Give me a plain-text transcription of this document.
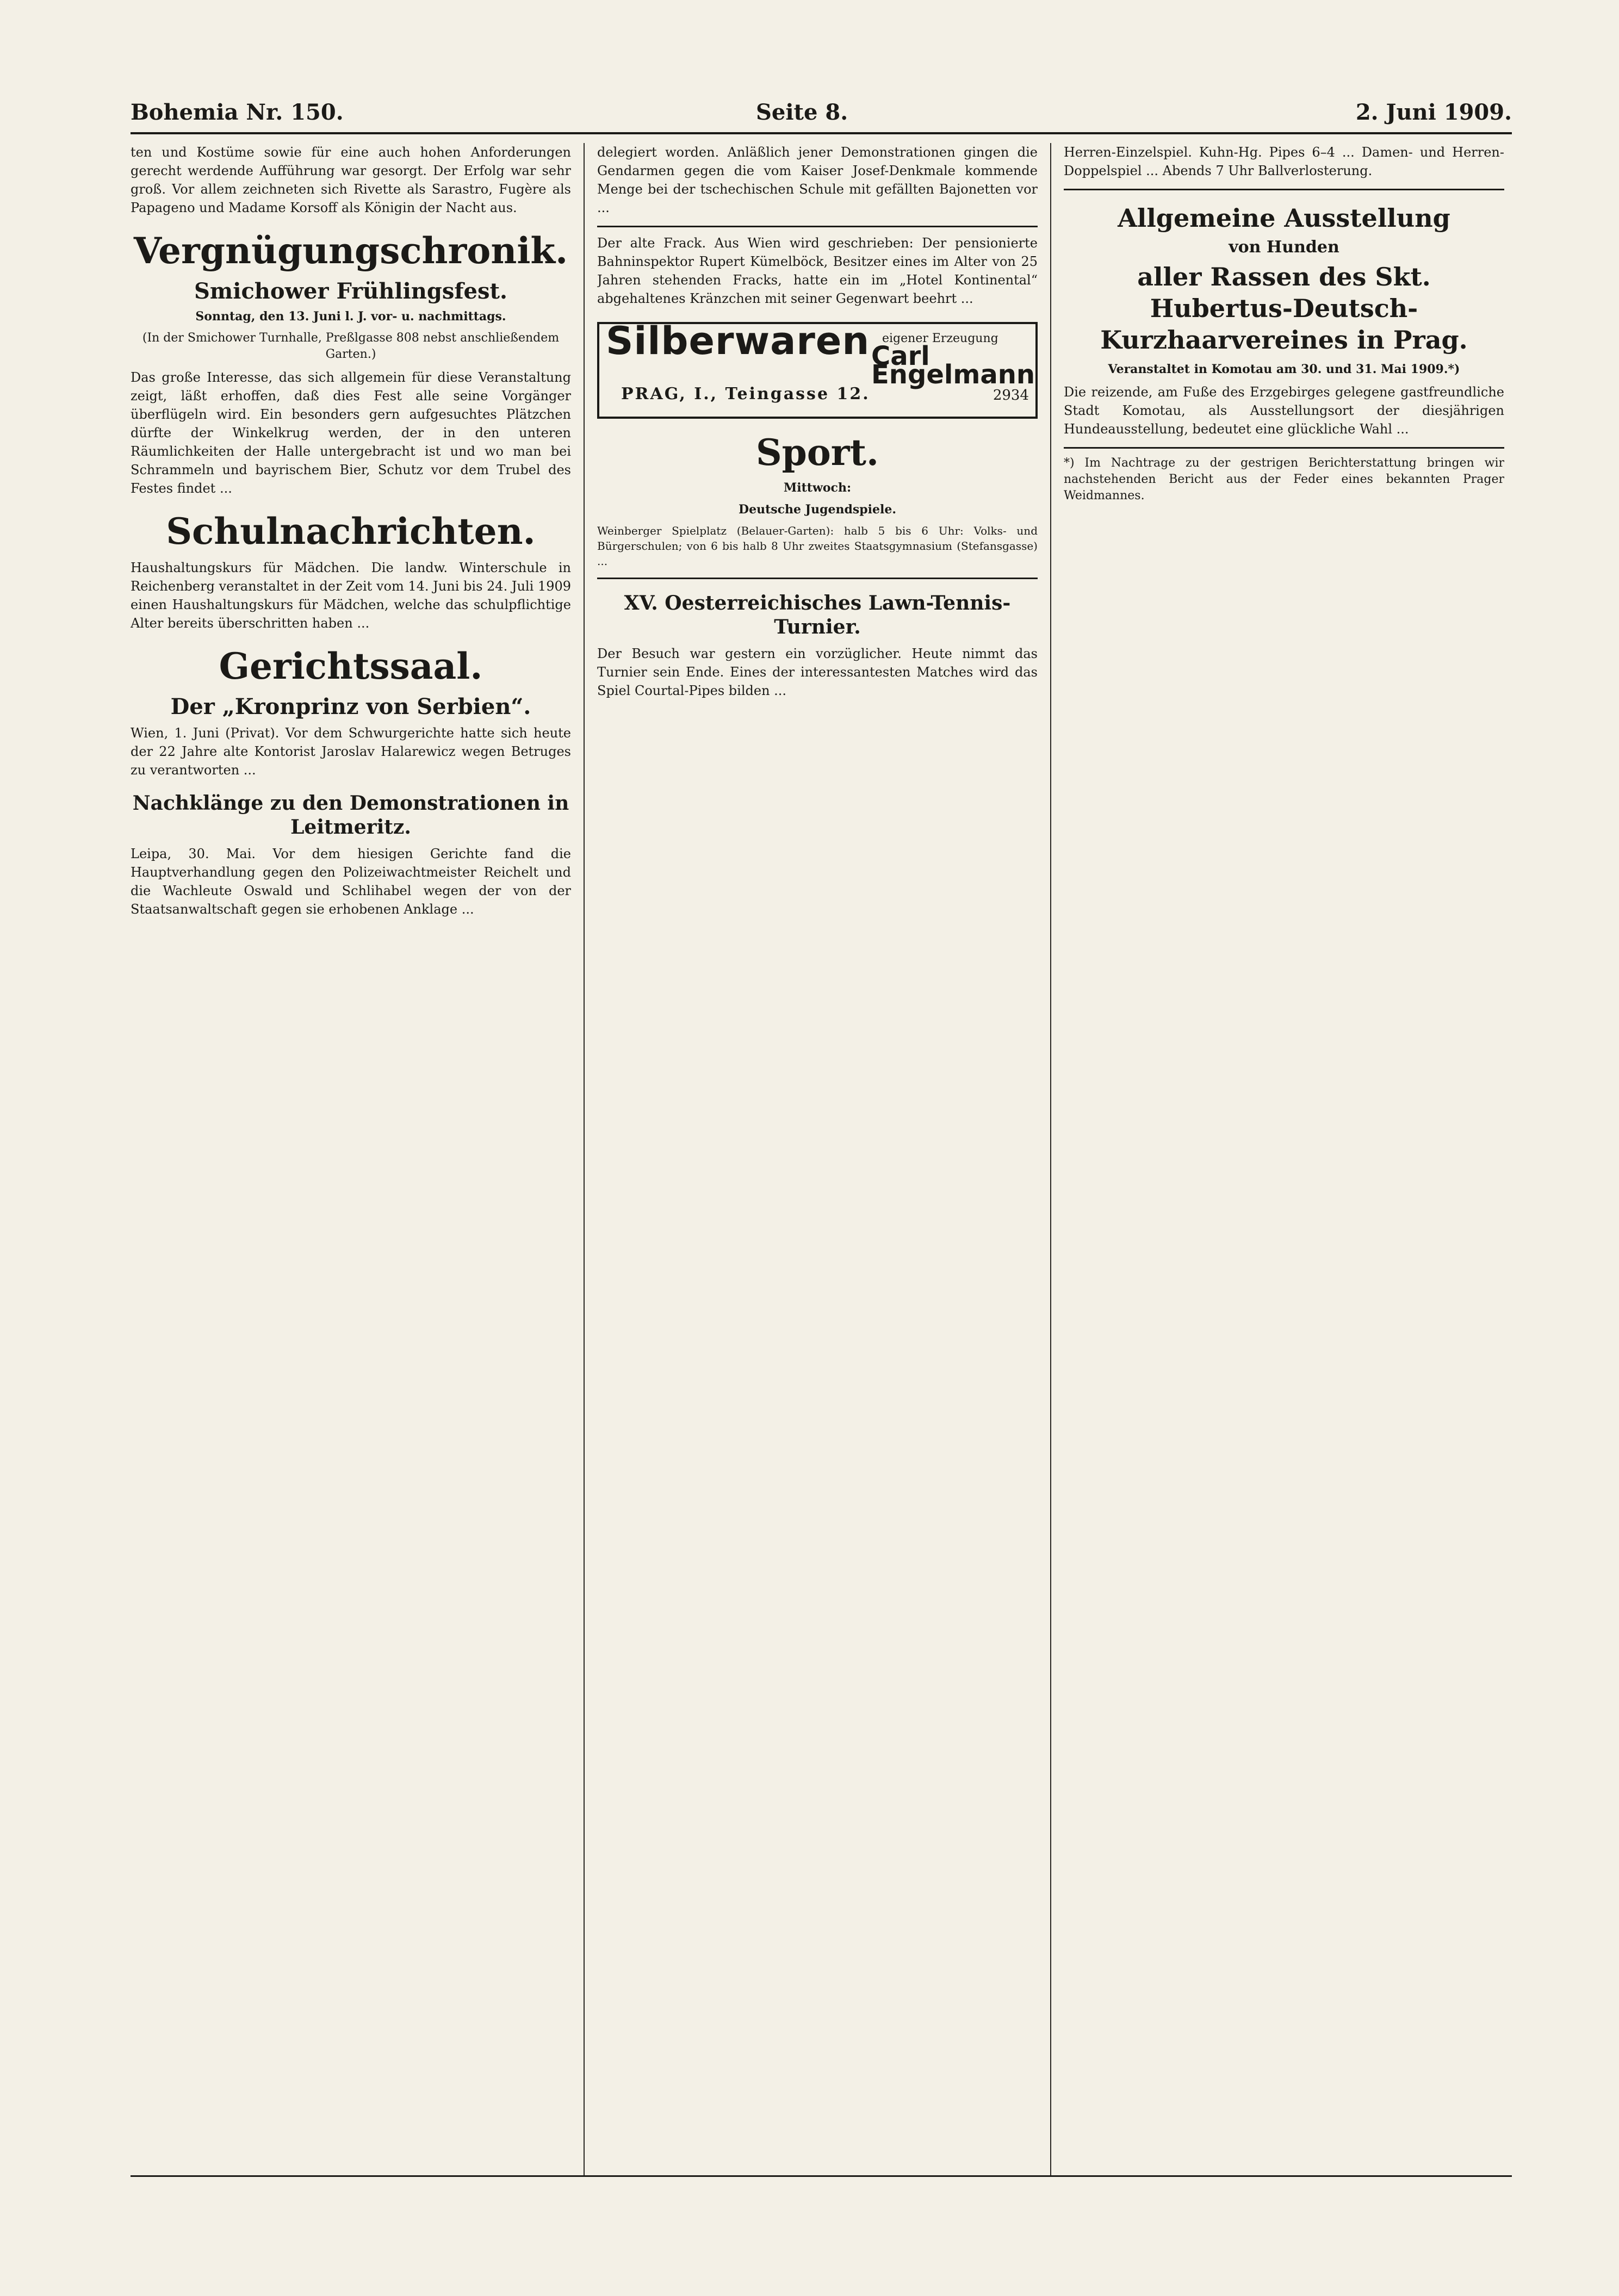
Bohemia Nr. 150.	Seite 8.	2. Juni 1909.

ten und Kostüme sowie für eine auch hohen Anforderungen gerecht werdende Aufführung war gesorgt. Der Erfolg war sehr groß. Vor allem zeichneten sich Rivette als Sarastro, Fugère als Papageno und Madame Korsoff als Königin der Nacht aus.

Vergnügungschronik.
Smichower Frühlingsfest.
Sonntag, den 13. Juni l. J. vor- u. nachmittags.
(In der Smichower Turnhalle, Preßlgasse 808 nebst anschließendem Garten.)

Das große Interesse, das sich allgemein für diese Veranstaltung zeigt, läßt erhoffen, daß dies Fest alle seine Vorgänger überflügeln wird. Ein besonders gern aufgesuchtes Plätzchen dürfte der Winkelkrug werden, der in den unteren Räumlichkeiten der Halle untergebracht ist und wo man bei Schrammeln und bayrischem Bier, Schutz vor dem Trubel des Festes findet ...

Schulnachrichten.

Haushaltungskurs für Mädchen. Die landw. Winterschule in Reichenberg veranstaltet in der Zeit vom 14. Juni bis 24. Juli 1909 einen Haushaltungskurs für Mädchen, welche das schulpflichtige Alter bereits überschritten haben ...

Gerichtssaal.
Der „Kronprinz von Serbien“.

Wien, 1. Juni (Privat). Vor dem Schwurgerichte hatte sich heute der 22 Jahre alte Kontorist Jaroslav Halarewicz wegen Betruges zu verantworten ...

Nachklänge zu den Demonstrationen in Leitmeritz.

Leipa, 30. Mai. Vor dem hiesigen Gerichte fand die Hauptverhandlung gegen den Polizeiwachtmeister Reichelt und die Wachleute Oswald und Schlihabel wegen der von der Staatsanwaltschaft gegen sie erhobenen Anklage ...

delegiert worden. Anläßlich jener Demonstrationen gingen die Gendarmen gegen die vom Kaiser Josef-Denkmale kommende Menge bei der tschechischen Schule mit gefällten Bajonetten vor ...

Der alte Frack. Aus Wien wird geschrieben: Der pensionierte Bahninspektor Rupert Kümelböck, Besitzer eines im Alter von 25 Jahren stehenden Fracks, hatte ein im „Hotel Kontinental“ abgehaltenes Kränzchen mit seiner Gegenwart beehrt ...

Silberwaren eigener Erzeugung
Carl Engelmann
PRAG, I., Teingasse 12.	2934
Sport.
Mittwoch:
Deutsche Jugendspiele.

Weinberger Spielplatz (Belauer-Garten): halb 5 bis 6 Uhr: Volks- und Bürgerschulen; von 6 bis halb 8 Uhr zweites Staatsgymnasium (Stefansgasse) ...

XV. Oesterreichisches Lawn-Tennis-Turnier.

Der Besuch war gestern ein vorzüglicher. Heute nimmt das Turnier sein Ende. Eines der interessantesten Matches wird das Spiel Courtal-Pipes bilden ...

Herren-Einzelspiel. Kuhn-Hg. Pipes 6–4 ... Damen- und Herren-Doppelspiel ... Abends 7 Uhr Ballverlosterung.

Allgemeine Ausstellung
von Hunden
aller Rassen des Skt. Hubertus-Deutsch-Kurzhaarvereines in Prag.
Veranstaltet in Komotau am 30. und 31. Mai 1909.*)

Die reizende, am Fuße des Erzgebirges gelegene gastfreundliche Stadt Komotau, als Ausstellungsort der diesjährigen Hundeausstellung, bedeutet eine glückliche Wahl ...

*) Im Nachtrage zu der gestrigen Berichterstattung bringen wir nachstehenden Bericht aus der Feder eines bekannten Prager Weidmannes.
